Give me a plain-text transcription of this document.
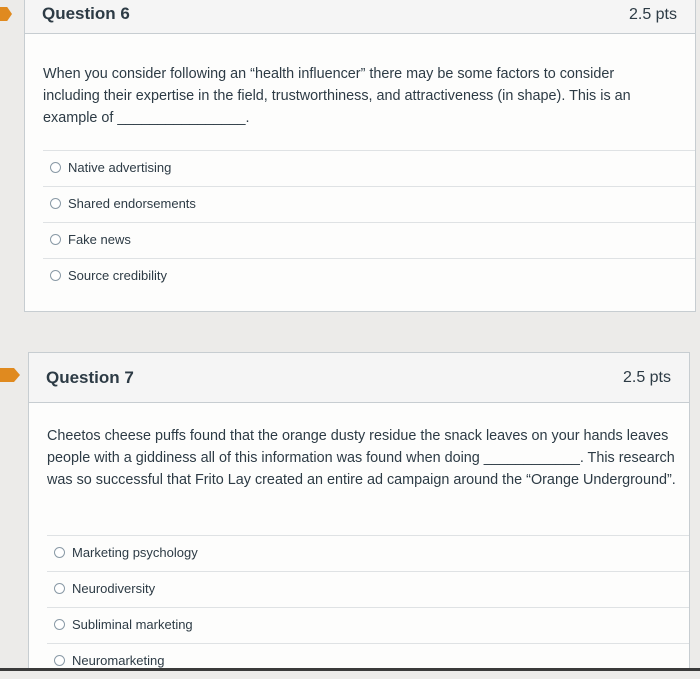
Question 6	2.5 pts
When you consider following an “health influencer” there may be some factors to consider including their expertise in the field, trustworthiness, and attractiveness (in shape). This is an example of ________________.
Native advertising
Shared endorsements
Fake news
Source credibility
Question 7	2.5 pts
Cheetos cheese puffs found that the orange dusty residue the snack leaves on your hands leaves people with a giddiness all of this information was found when doing ____________. This research was so successful that Frito Lay created an entire ad campaign around the “Orange Underground”.
Marketing psychology
Neurodiversity
Subliminal marketing
Neuromarketing
